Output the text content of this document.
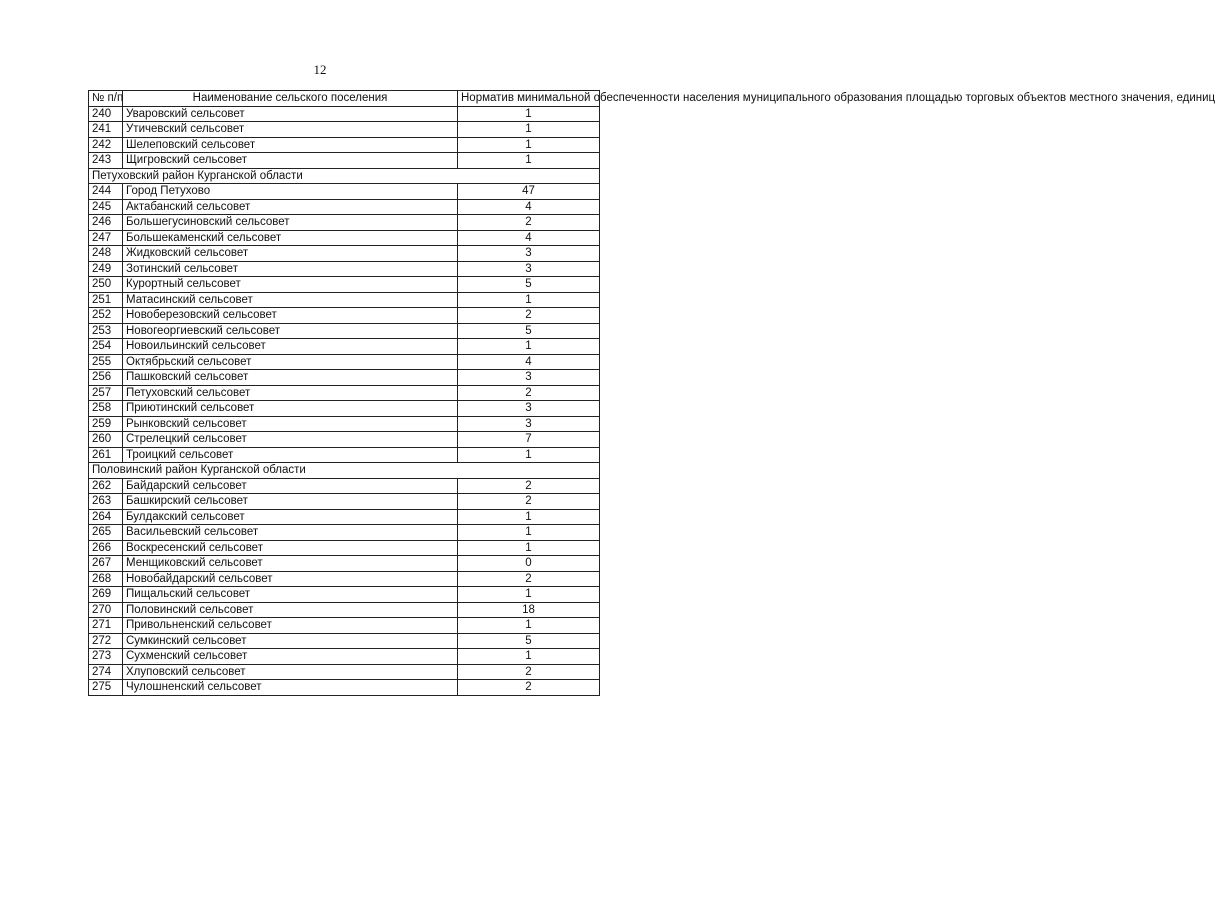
12
№ п/п	Наименование сельского поселения	Норматив минимальной обеспеченности населения муниципального образования площадью торговых объектов местного значения, единиц
240	Уваровский сельсовет	1
241	Утичевский сельсовет	1
242	Шелеповский сельсовет	1
243	Щигровский сельсовет	1
Петуховский район Курганской области		
244	Город Петухово	47
245	Актабанский сельсовет	4
246	Большегусиновский сельсовет	2
247	Большекаменский сельсовет	4
248	Жидковский сельсовет	3
249	Зотинский сельсовет	3
250	Курортный сельсовет	5
251	Матасинский сельсовет	1
252	Новоберезовский сельсовет	2
253	Новогеоргиевский сельсовет	5
254	Новоильинский сельсовет	1
255	Октябрьский сельсовет	4
256	Пашковский сельсовет	3
257	Петуховский сельсовет	2
258	Приютинский сельсовет	3
259	Рынковский сельсовет	3
260	Стрелецкий сельсовет	7
261	Троицкий сельсовет	1
Половинский район Курганской области		
262	Байдарский сельсовет	2
263	Башкирский сельсовет	2
264	Булдакский сельсовет	1
265	Васильевский сельсовет	1
266	Воскресенский сельсовет	1
267	Менщиковский сельсовет	0
268	Новобайдарский сельсовет	2
269	Пищальский сельсовет	1
270	Половинский сельсовет	18
271	Привольненский сельсовет	1
272	Сумкинский сельсовет	5
273	Сухменский сельсовет	1
274	Хлуповский сельсовет	2
275	Чулошненский сельсовет	2
